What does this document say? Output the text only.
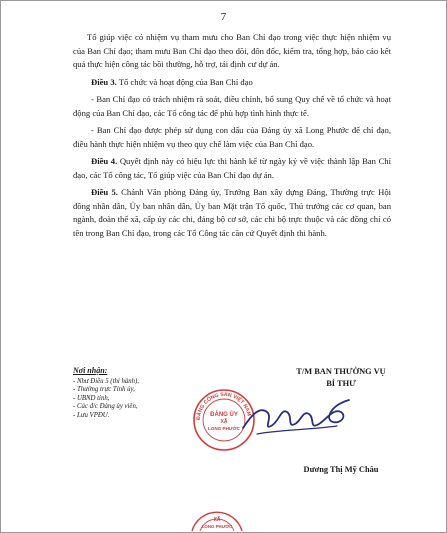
7

Tổ giúp việc có nhiệm vụ tham mưu cho Ban Chỉ đạo trong việc thực hiện nhiệm vụ của Ban Chỉ đạo; tham mưu Ban Chỉ đạo theo dõi, đôn đốc, kiểm tra, tổng hợp, báo cáo kết quả thực hiện công tác bồi thường, hỗ trợ, tái định cư dự án.

Điều 3. Tổ chức và hoạt động của Ban Chỉ đạo

- Ban Chỉ đạo có trách nhiệm rà soát, điều chỉnh, bổ sung Quy chế về tổ chức và hoạt động của Ban Chỉ đạo, các Tổ công tác để phù hợp tình hình thực tế.

- Ban Chỉ đạo được phép sử dụng con dấu của Đảng ủy xã Long Phước để chỉ đạo, điều hành thực hiện nhiệm vụ theo quy chế làm việc của Ban Chỉ đạo.

Điều 4. Quyết định này có hiệu lực thi hành kể từ ngày ký về việc thành lập Ban Chỉ đạo, các Tổ công tác, Tổ giúp việc của Ban Chỉ đạo dự án.

Điều 5. Chánh Văn phòng Đảng ủy, Trưởng Ban xây dựng Đảng, Thường trực Hội đồng nhân dân, Ủy ban nhân dân, Ủy ban Mặt trận Tổ quốc, Thủ trưởng các cơ quan, ban ngành, đoàn thể xã, cấp ủy các chi, đảng bộ cơ sở, các chi bộ trực thuộc và các đồng chí có tên trong Ban Chỉ đạo, trong các Tổ Công tác căn cứ Quyết định thi hành.

Nơi nhận:
- Như Điều 5 (thi hành),
- Thường trực Tỉnh ủy,
- UBND tỉnh,
- Các đ/c Đảng ủy viên,
- Lưu VPĐU.	ĐẢNG CỘNG SẢN VIỆT NAM
ĐẢNG ỦY
XÃ
LONG PHƯỚC
T/M BAN THƯỜNG VỤ
BÍ THƯ
Dương Thị Mỹ Châu
XÃ
LONG PHƯỚC
